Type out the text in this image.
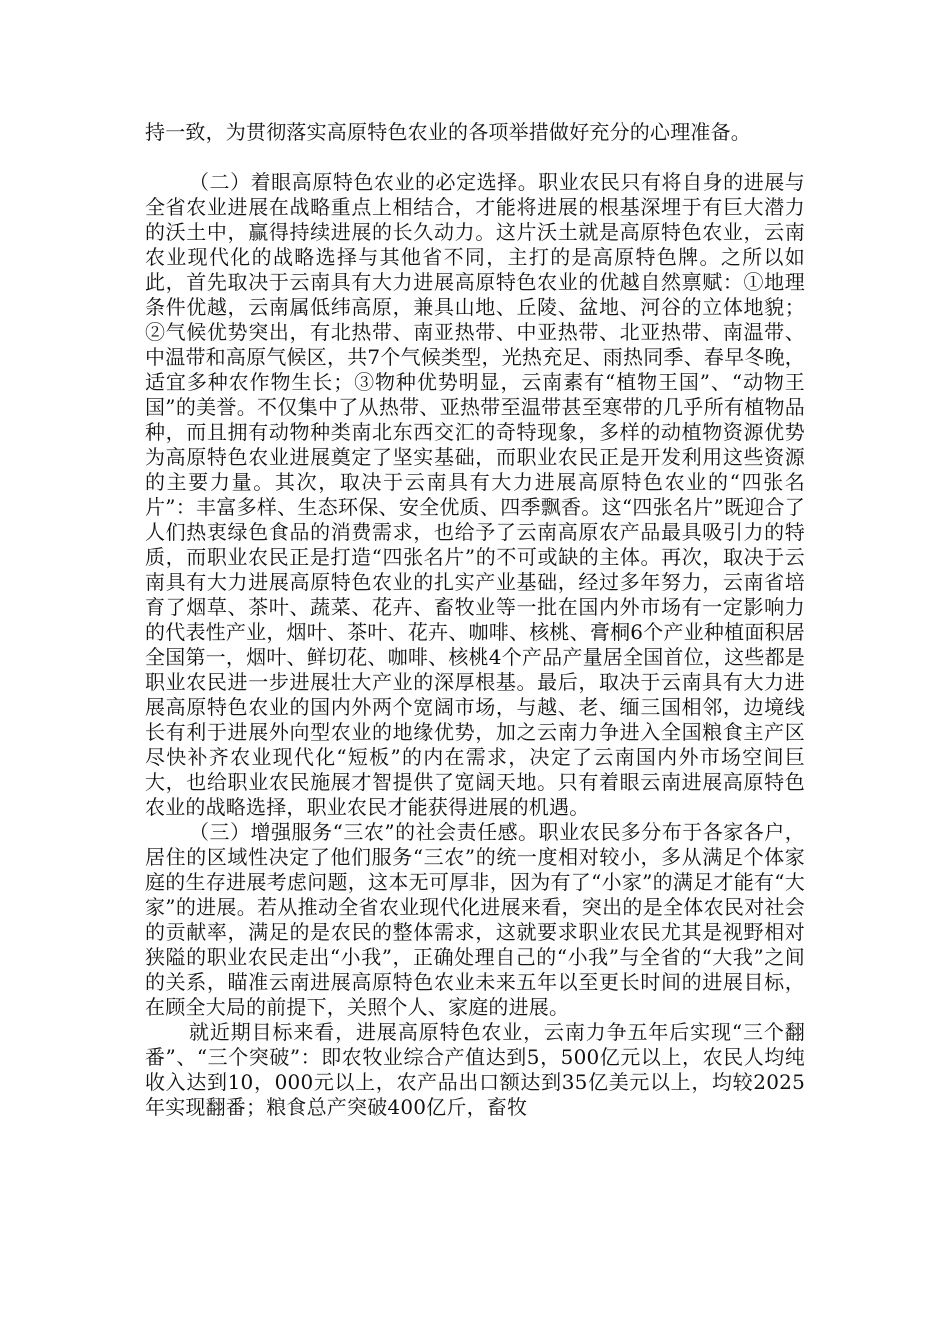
持一致，为贯彻落实高原特色农业的各项举措做好充分的心理准备。

（二）着眼高原特色农业的必定选择。职业农民只有将自身的进展与全省农业进展在战略重点上相结合，才能将进展的根基深埋于有巨大潜力的沃土中，赢得持续进展的长久动力。这片沃土就是高原特色农业，云南农业现代化的战略选择与其他省不同，主打的是高原特色牌。之所以如此，首先取决于云南具有大力进展高原特色农业的优越自然禀赋：①地理条件优越，云南属低纬高原，兼具山地、丘陵、盆地、河谷的立体地貌；②气候优势突出，有北热带、南亚热带、中亚热带、北亚热带、南温带、中温带和高原气候区，共7个气候类型，光热充足、雨热同季、春早冬晚，适宜多种农作物生长；③物种优势明显，云南素有“植物王国”、“动物王国”的美誉。不仅集中了从热带、亚热带至温带甚至寒带的几乎所有植物品种，而且拥有动物种类南北东西交汇的奇特现象，多样的动植物资源优势为高原特色农业进展奠定了坚实基础，而职业农民正是开发利用这些资源的主要力量。其次，取决于云南具有大力进展高原特色农业的“四张名片”：丰富多样、生态环保、安全优质、四季飘香。这“四张名片”既迎合了人们热衷绿色食品的消费需求，也给予了云南高原农产品最具吸引力的特质，而职业农民正是打造“四张名片”的不可或缺的主体。再次，取决于云南具有大力进展高原特色农业的扎实产业基础，经过多年努力，云南省培育了烟草、茶叶、蔬菜、花卉、畜牧业等一批在国内外市场有一定影响力的代表性产业，烟叶、茶叶、花卉、咖啡、核桃、膏桐6个产业种植面积居全国第一，烟叶、鲜切花、咖啡、核桃4个产品产量居全国首位，这些都是职业农民进一步进展壮大产业的深厚根基。最后，取决于云南具有大力进展高原特色农业的国内外两个宽阔市场，与越、老、缅三国相邻，边境线长有利于进展外向型农业的地缘优势，加之云南力争进入全国粮食主产区尽快补齐农业现代化“短板”的内在需求，决定了云南国内外市场空间巨大，也给职业农民施展才智提供了宽阔天地。只有着眼云南进展高原特色农业的战略选择，职业农民才能获得进展的机遇。

（三）增强服务“三农”的社会责任感。职业农民多分布于各家各户，居住的区域性决定了他们服务“三农”的统一度相对较小，多从满足个体家庭的生存进展考虑问题，这本无可厚非，因为有了“小家”的满足才能有“大家”的进展。若从推动全省农业现代化进展来看，突出的是全体农民对社会的贡献率，满足的是农民的整体需求，这就要求职业农民尤其是视野相对狭隘的职业农民走出“小我”，正确处理自己的“小我”与全省的“大我”之间的关系，瞄准云南进展高原特色农业未来五年以至更长时间的进展目标，在顾全大局的前提下，关照个人、家庭的进展。

就近期目标来看，进展高原特色农业，云南力争五年后实现“三个翻番”、“三个突破”：即农牧业综合产值达到5，500亿元以上，农民人均纯收入达到10，000元以上，农产品出口额达到35亿美元以上，均较2025年实现翻番；粮食总产突破400亿斤，畜牧
